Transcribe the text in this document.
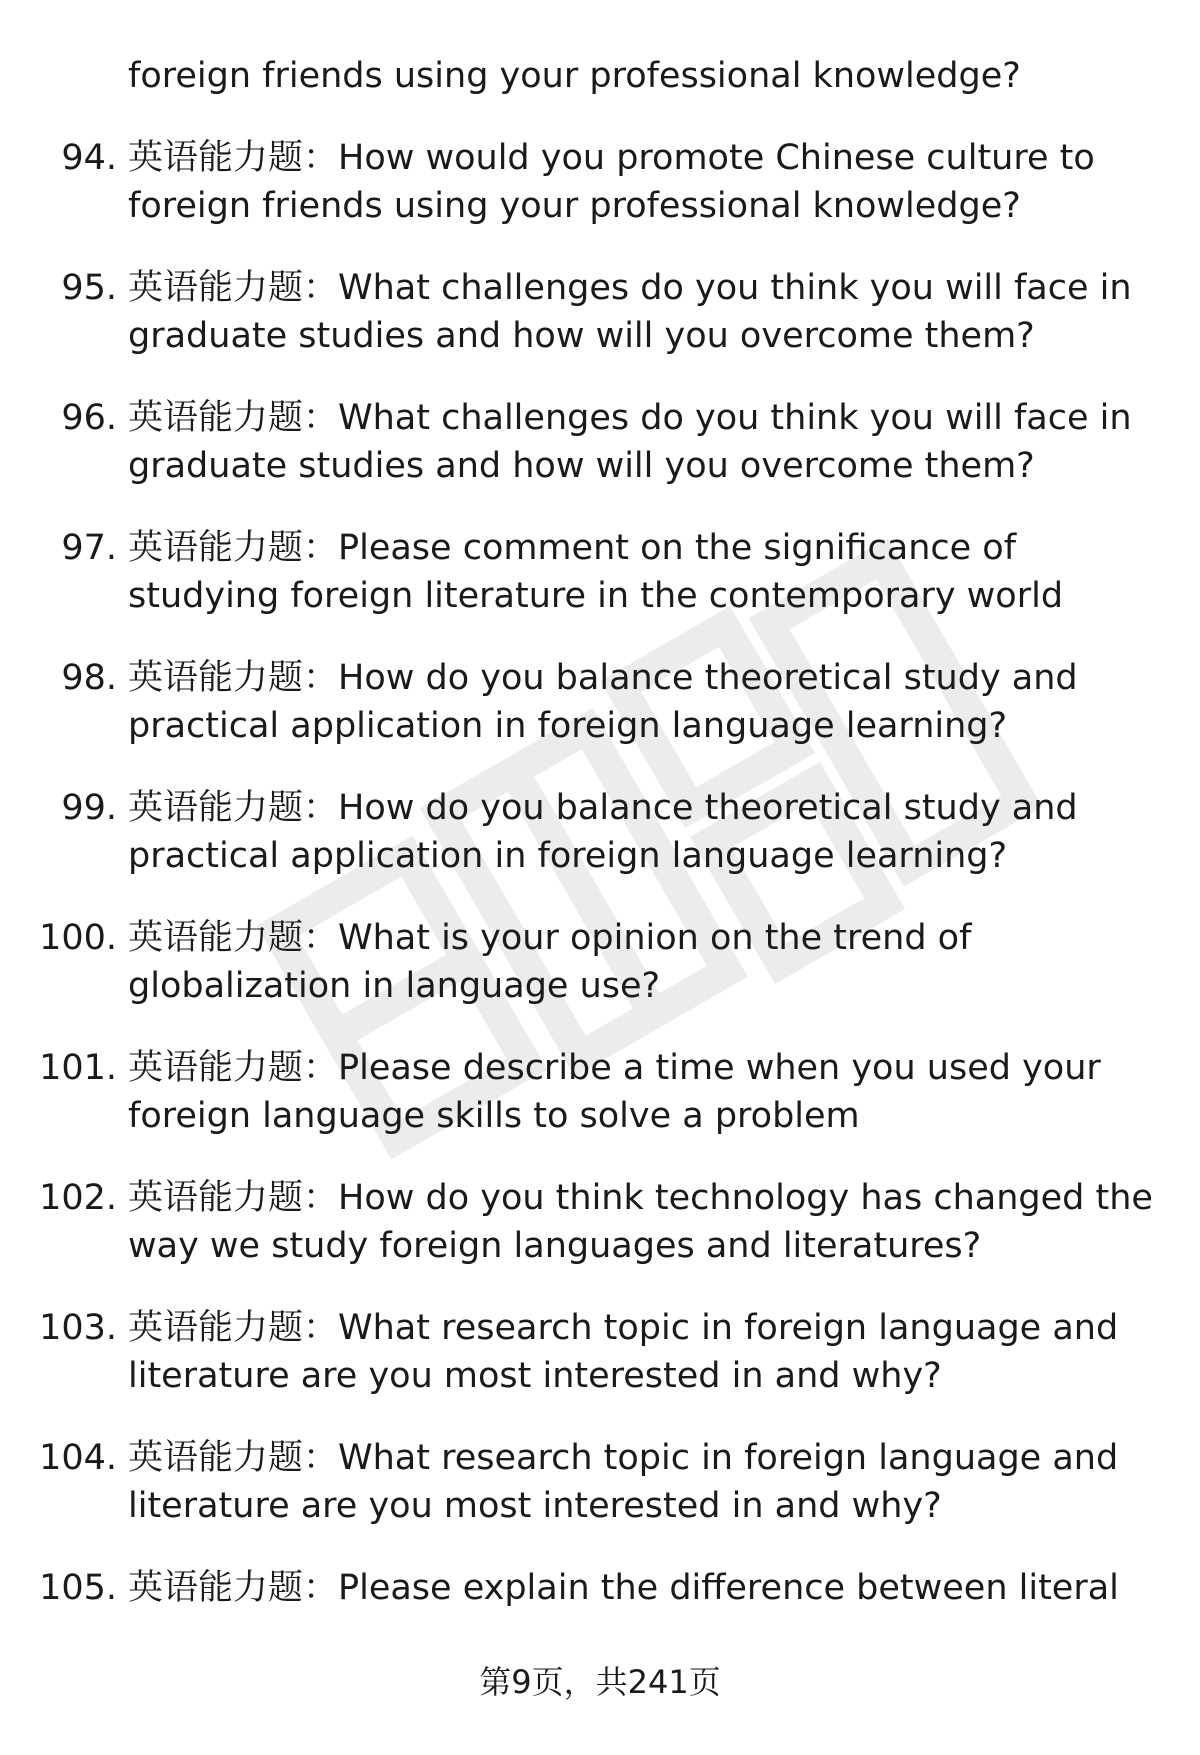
foreign friends using your professional knowledge?
94. 英语能力题：How would you promote Chinese culture to
foreign friends using your professional knowledge?
95. 英语能力题：What challenges do you think you will face in
graduate studies and how will you overcome them?
96. 英语能力题：What challenges do you think you will face in
graduate studies and how will you overcome them?
97. 英语能力题：Please comment on the significance of
studying foreign literature in the contemporary world
98. 英语能力题：How do you balance theoretical study and
practical application in foreign language learning?
99. 英语能力题：How do you balance theoretical study and
practical application in foreign language learning?
100. 英语能力题：What is your opinion on the trend of
globalization in language use?
101. 英语能力题：Please describe a time when you used your
foreign language skills to solve a problem
102. 英语能力题：How do you think technology has changed the
way we study foreign languages and literatures?
103. 英语能力题：What research topic in foreign language and
literature are you most interested in and why?
104. 英语能力题：What research topic in foreign language and
literature are you most interested in and why?
105. 英语能力题：Please explain the difference between literal
第9页，共241页
